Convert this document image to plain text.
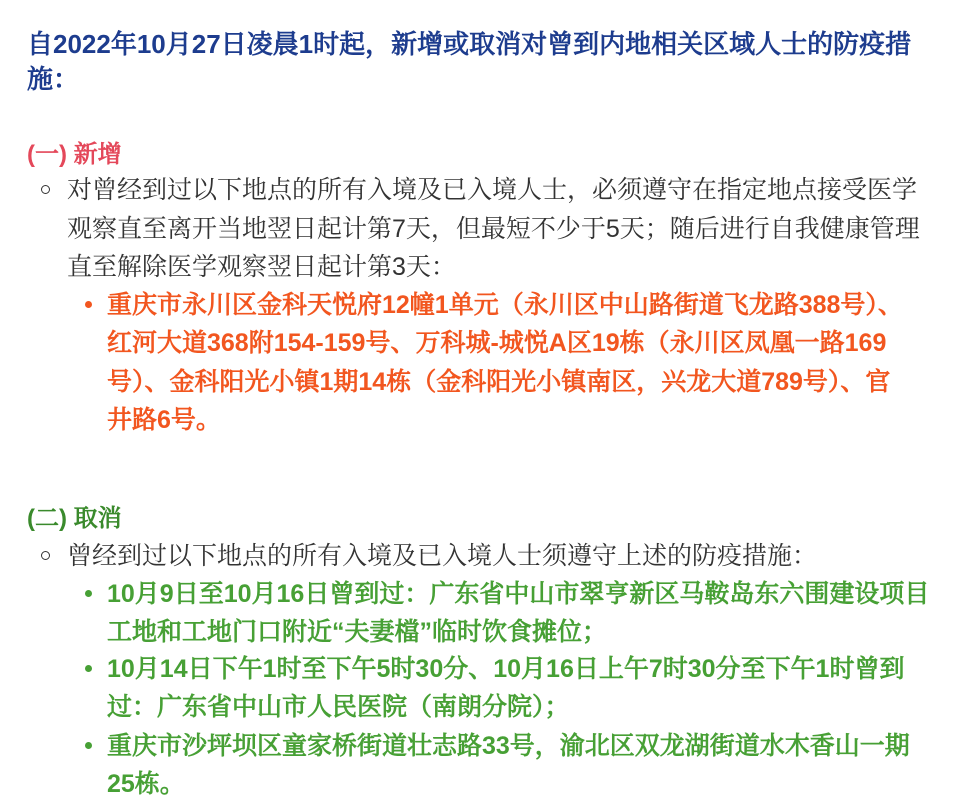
自2022年10月27日凌晨1时起，新增或取消对曾到内地相关区域人士的防疫措
施：
(一) 新增
对曾经到过以下地点的所有入境及已入境人士，必须遵守在指定地点接受医学
观察直至离开当地翌日起计第7天，但最短不少于5天；随后进行自我健康管理
直至解除医学观察翌日起计第3天：
重庆市永川区金科天悦府12幢1单元（永川区中山路街道飞龙路388号）、
红河大道368附154-159号、万科城-城悦A区19栋（永川区凤凰一路169
号）、金科阳光小镇1期14栋（金科阳光小镇南区，兴龙大道789号）、官
井路6号。
(二) 取消
曾经到过以下地点的所有入境及已入境人士须遵守上述的防疫措施：
10月9日至10月16日曾到过：广东省中山市翠亨新区马鞍岛东六围建设项目
工地和工地门口附近“夫妻檔”临时饮食摊位；
10月14日下午1时至下午5时30分、10月16日上午7时30分至下午1时曾到
过：广东省中山市人民医院（南朗分院）；
重庆市沙坪坝区童家桥街道壮志路33号，渝北区双龙湖街道水木香山一期
25栋。
